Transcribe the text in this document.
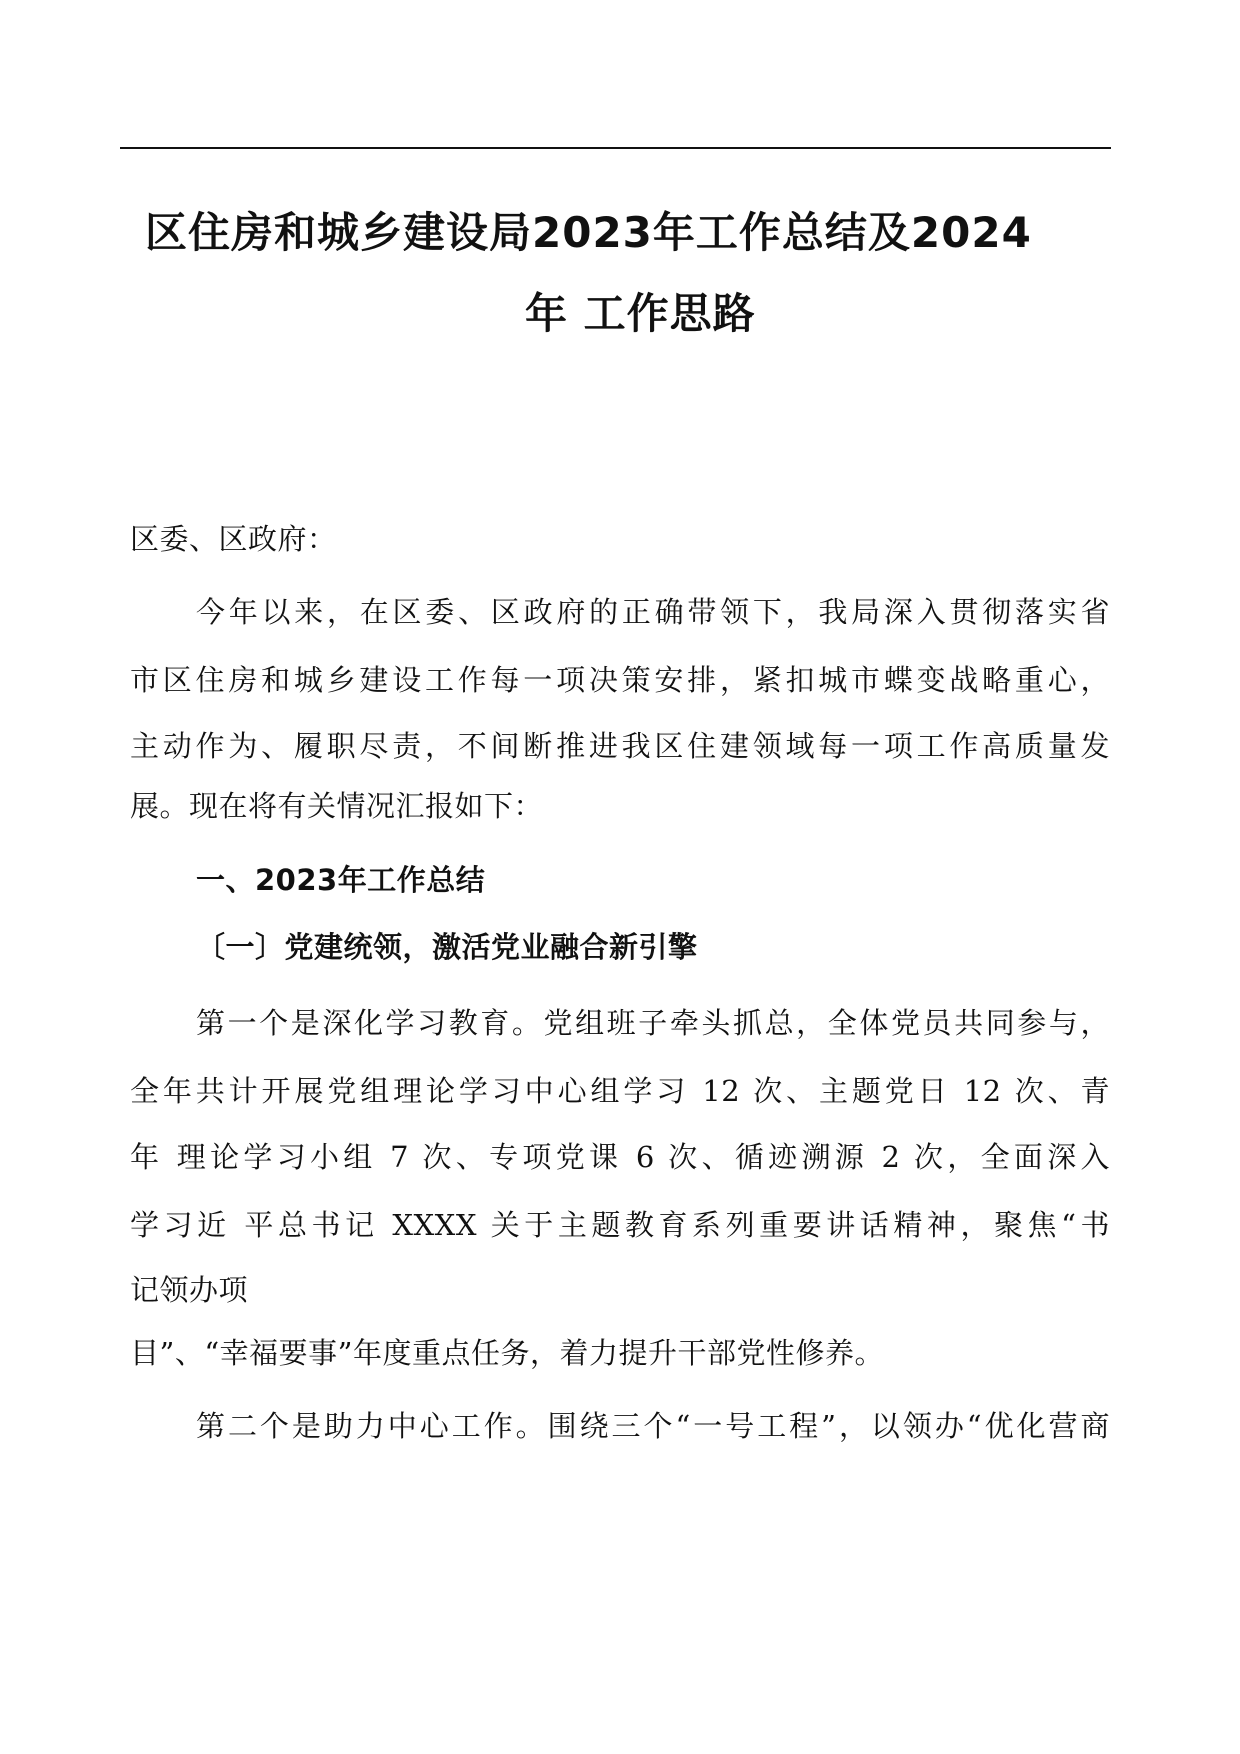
区住房和城乡建设局2023年工作总结及2024
年 工作思路
区委、区政府：
今年以来，在区委、区政府的正确带领下，我局深入贯彻落实省
市区住房和城乡建设工作每一项决策安排，紧扣城市蝶变战略重心，
主动作为、履职尽责，不间断推进我区住建领域每一项工作高质量发
展。现在将有关情况汇报如下：
一、2023年工作总结
〔一〕党建统领，激活党业融合新引擎
第一个是深化学习教育。党组班子牵头抓总，全体党员共同参与，
全年共计开展党组理论学习中心组学习 12 次、主题党日 12 次、青
年 理论学习小组 7 次、专项党课 6 次、循迹溯源 2 次，全面深入
学习近 平总书记 XXXX 关于主题教育系列重要讲话精神，聚焦“书
记领办项
目”、“幸福要事”年度重点任务，着力提升干部党性修养。
第二个是助力中心工作。围绕三个“一号工程”，以领办“优化营商
